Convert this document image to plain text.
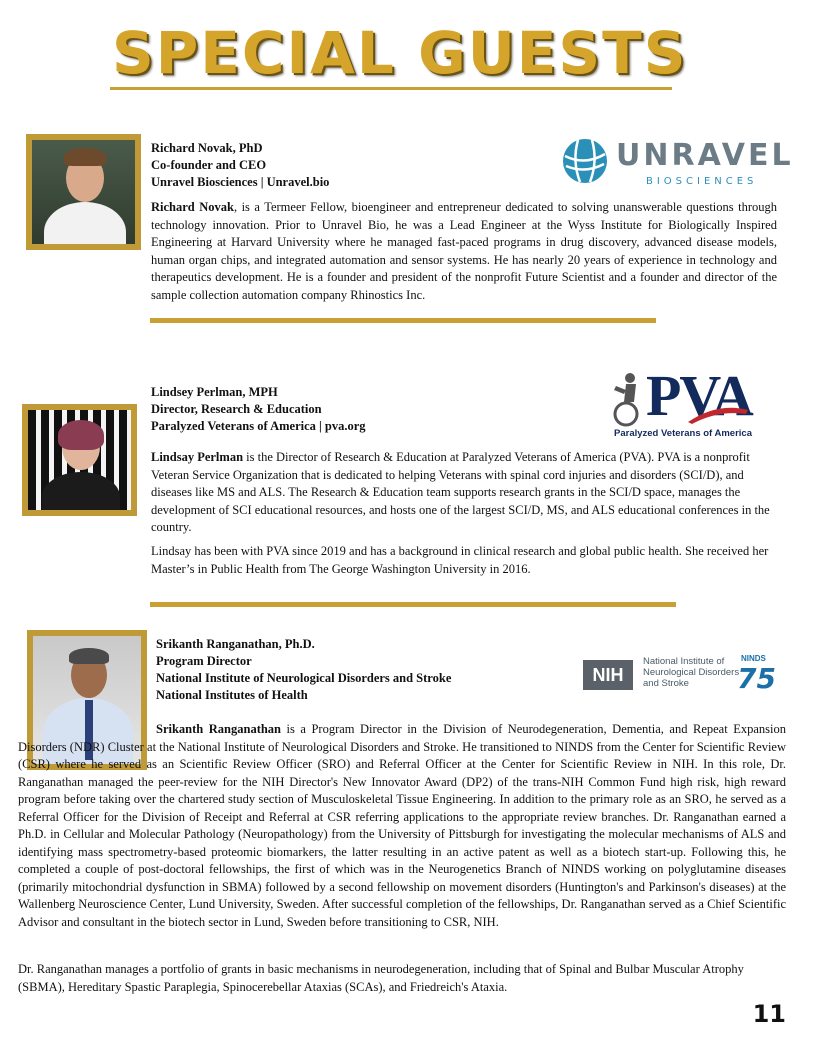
SPECIAL GUESTS
Richard Novak, PhD
Co-founder and CEO
Unravel Biosciences | Unravel.bio
UNRAVEL
BIOSCIENCES

Richard Novak, is a Termeer Fellow, bioengineer and entrepreneur dedicated to solving unanswerable questions through technology innovation. Prior to Unravel Bio, he was a Lead Engineer at the Wyss Institute for Biologically Inspired Engineering at Harvard University where he managed fast-paced programs in drug discovery, advanced disease models, human organ chips, and integrated automation and sensor systems. He has nearly 20 years of experience in technology and therapeutics development. He is a founder and president of the nonprofit Future Scientist and a founder and director of the sample collection automation company Rhinostics Inc.

Lindsey Perlman, MPH
Director, Research & Education
Paralyzed Veterans of America | pva.org	PVA
Paralyzed Veterans of America

Lindsay Perlman is the Director of Research & Education at Paralyzed Veterans of America (PVA). PVA is a nonprofit Veteran Service Organization that is dedicated to helping Veterans with spinal cord injuries and disorders (SCI/D), and diseases like MS and ALS. The Research & Education team supports research grants in the SCI/D space, manages the development of SCI educational resources, and hosts one of the largest SCI/D, MS, and ALS educational conferences in the country.

Lindsay has been with PVA since 2019 and has a background in clinical research and global public health. She received her Master’s in Public Health from The George Washington University in 2016.

Srikanth Ranganathan, Ph.D.
Program Director
National Institute of Neurological Disorders and Stroke
National Institutes of Health
NIH
National Institute of
Neurological Disorders
and Stroke
NINDS
75

Srikanth Ranganathan is a Program Director in the Division of Neurodegeneration, Dementia, and Repeat Expansion Disorders (NDR) Cluster at the National Institute of Neurological Disorders and Stroke. He transitioned to NINDS from the Center for Scientific Review (CSR) where he served as an Scientific Review Officer (SRO) and Referral Officer at the Center for Scientific Review in NIH. In this role, Dr. Ranganathan managed the peer-review for the NIH Director's New Innovator Award (DP2) of the trans-NIH Common Fund high risk, high reward program before taking over the chartered study section of Musculoskeletal Tissue Engineering. In addition to the primary role as an SRO, he served as a Referral Officer for the Division of Receipt and Referral at CSR referring applications to the appropriate review branches. Dr. Ranganathan earned a Ph.D. in Cellular and Molecular Pathology (Neuropathology) from the University of Pittsburgh for investigating the molecular mechanisms of ALS and identifying mass spectrometry-based proteomic biomarkers, the latter resulting in an active patent as well as a biotech start-up. Following this, he completed a couple of post-doctoral fellowships, the first of which was in the Neurogenetics Branch of NINDS working on polyglutamine diseases (primarily mitochondrial dysfunction in SBMA) followed by a second fellowship on movement disorders (Huntington's and Parkinson's diseases) at the Wallenberg Neuroscience Center, Lund University, Sweden. After successful completion of the fellowships, Dr. Ranganathan served as a Chief Scientific Advisor and consultant in the biotech sector in Lund, Sweden before transitioning to CSR, NIH.

Dr. Ranganathan manages a portfolio of grants in basic mechanisms in neurodegeneration, including that of Spinal and Bulbar Muscular Atrophy (SBMA), Hereditary Spastic Paraplegia, Spinocerebellar Ataxias (SCAs), and Friedreich's Ataxia.

11
